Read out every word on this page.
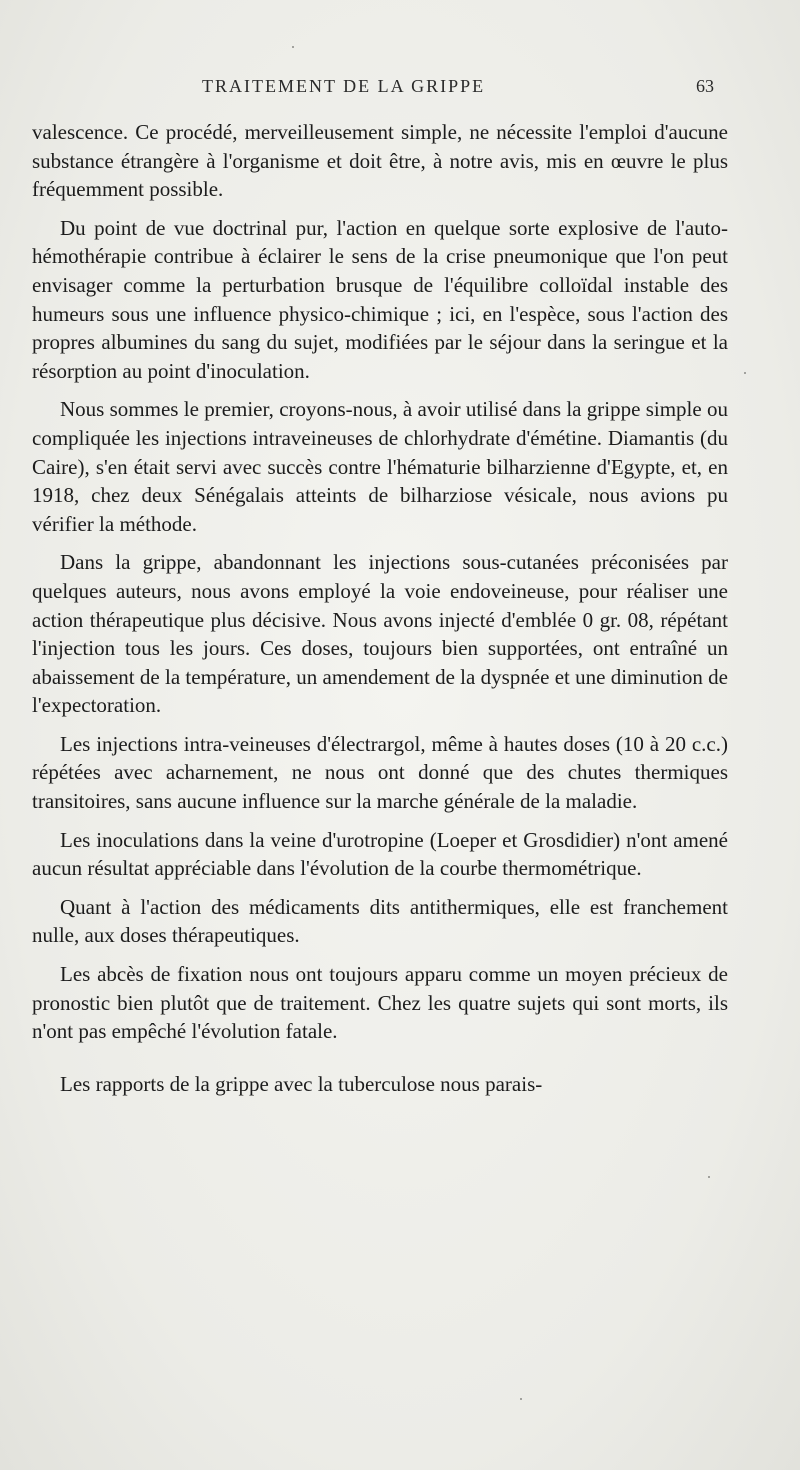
TRAITEMENT DE LA GRIPPE	63

valescence. Ce procédé, merveilleusement simple, ne nécessite l'emploi d'aucune substance étrangère à l'organisme et doit être, à notre avis, mis en œuvre le plus fréquemment possible.

Du point de vue doctrinal pur, l'action en quelque sorte explosive de l'auto-hémothérapie contribue à éclairer le sens de la crise pneumonique que l'on peut envisager comme la perturbation brusque de l'équilibre colloïdal instable des humeurs sous une influence physico-chimique ; ici, en l'espèce, sous l'action des propres albumines du sang du sujet, modifiées par le séjour dans la seringue et la résorption au point d'inoculation.

Nous sommes le premier, croyons-nous, à avoir utilisé dans la grippe simple ou compliquée les injections intraveineuses de chlorhydrate d'émétine. Diamantis (du Caire), s'en était servi avec succès contre l'hématurie bilharzienne d'Egypte, et, en 1918, chez deux Sénégalais atteints de bilharziose vésicale, nous avions pu vérifier la méthode.

Dans la grippe, abandonnant les injections sous-cutanées préconisées par quelques auteurs, nous avons employé la voie endoveineuse, pour réaliser une action thérapeutique plus décisive. Nous avons injecté d'emblée 0 gr. 08, répétant l'injection tous les jours. Ces doses, toujours bien supportées, ont entraîné un abaissement de la température, un amendement de la dyspnée et une diminution de l'expectoration.

Les injections intra-veineuses d'électrargol, même à hautes doses (10 à 20 c.c.) répétées avec acharnement, ne nous ont donné que des chutes thermiques transitoires, sans aucune influence sur la marche générale de la maladie.

Les inoculations dans la veine d'urotropine (Loeper et Grosdidier) n'ont amené aucun résultat appréciable dans l'évolution de la courbe thermométrique.

Quant à l'action des médicaments dits antithermiques, elle est franchement nulle, aux doses thérapeutiques.

Les abcès de fixation nous ont toujours apparu comme un moyen précieux de pronostic bien plutôt que de traitement. Chez les quatre sujets qui sont morts, ils n'ont pas empêché l'évolution fatale.

Les rapports de la grippe avec la tuberculose nous parais-
